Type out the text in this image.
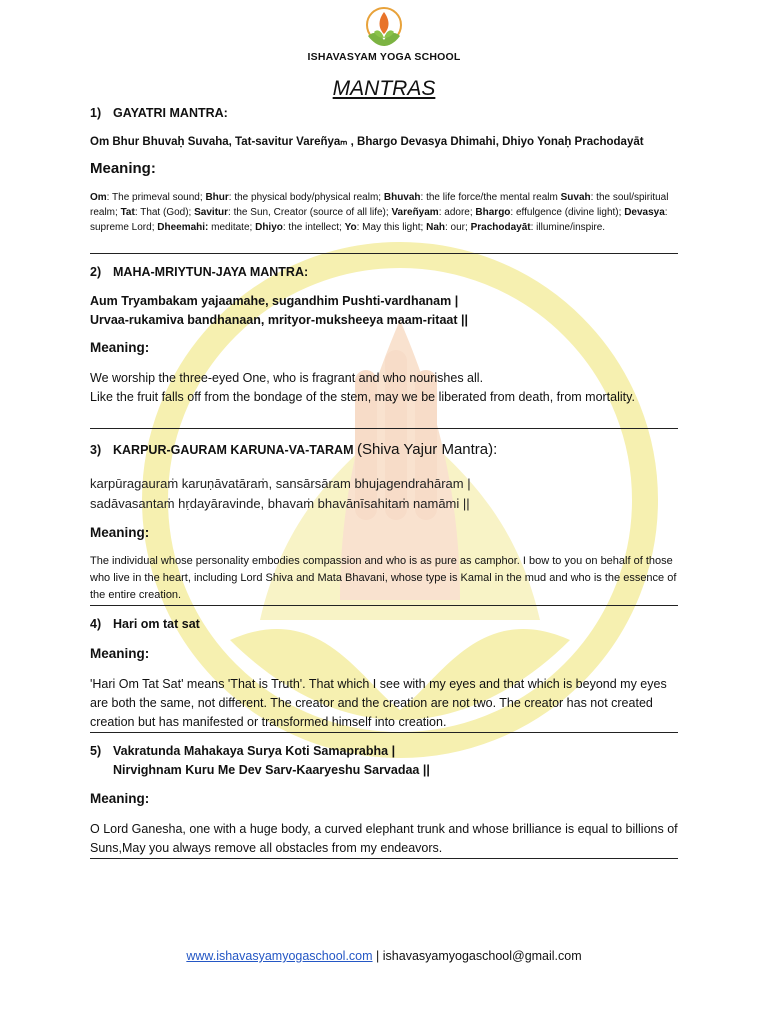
ISHAVASYAM YOGA SCHOOL
MANTRAS
1) GAYATRI MANTRA:
Om Bhur Bhuvaḥ Suvaha, Tat-savitur Vareñyaₘ , Bhargo Devasya Dhimahi, Dhiyo Yonaḥ Prachodayāt
Meaning:
Om: The primeval sound; Bhur: the physical body/physical realm; Bhuvah: the life force/the mental realm Suvah: the soul/spiritual realm; Tat: That (God); Savitur: the Sun, Creator (source of all life); Vareñyam: adore; Bhargo: effulgence (divine light); Devasya: supreme Lord; Dheemahi: meditate; Dhiyo: the intellect; Yo: May this light; Nah: our; Prachodayāt: illumine/inspire.
2) MAHA-MRIYTUN-JAYA MANTRA:
Aum Tryambakam yajaamahe, sugandhim Pushti-vardhanam |
Urvaa-rukamiva bandhanaan, mrityor-muksheeya maam-ritaat ||
Meaning:
We worship the three-eyed One, who is fragrant and who nourishes all.
Like the fruit falls off from the bondage of the stem, may we be liberated from death, from mortality.
3) KARPUR-GAURAM KARUNA-VA-TARAM (Shiva Yajur Mantra):
karpūragauraṁ karuṇāvatāraṁ, sansārsāram bhujagendrahāram |
sadāvasantaṁ hṛdayāravinde, bhavaṁ bhavānīsahitaṁ namāmi ||
Meaning:
The individual whose personality embodies compassion and who is as pure as camphor. I bow to you on behalf of those who live in the heart, including Lord Shiva and Mata Bhavani, whose type is Kamal in the mud and who is the essence of the entire creation.
4) Hari om tat sat
Meaning:
'Hari Om Tat Sat' means 'That is Truth'. That which I see with my eyes and that which is beyond my eyes are both the same, not different. The creator and the creation are not two. The creator has not created creation but has manifested or transformed himself into creation.
5) Vakratunda Mahakaya Surya Koti Samaprabha |
Nirvighnam Kuru Me Dev Sarv-Kaaryeshu Sarvadaa ||
Meaning:
O Lord Ganesha, one with a huge body, a curved elephant trunk and whose brilliance is equal to billions of Suns,May you always remove all obstacles from my endeavors.
www.ishavasyamyogaschool.com | ishavasyamyogaschool@gmail.com
